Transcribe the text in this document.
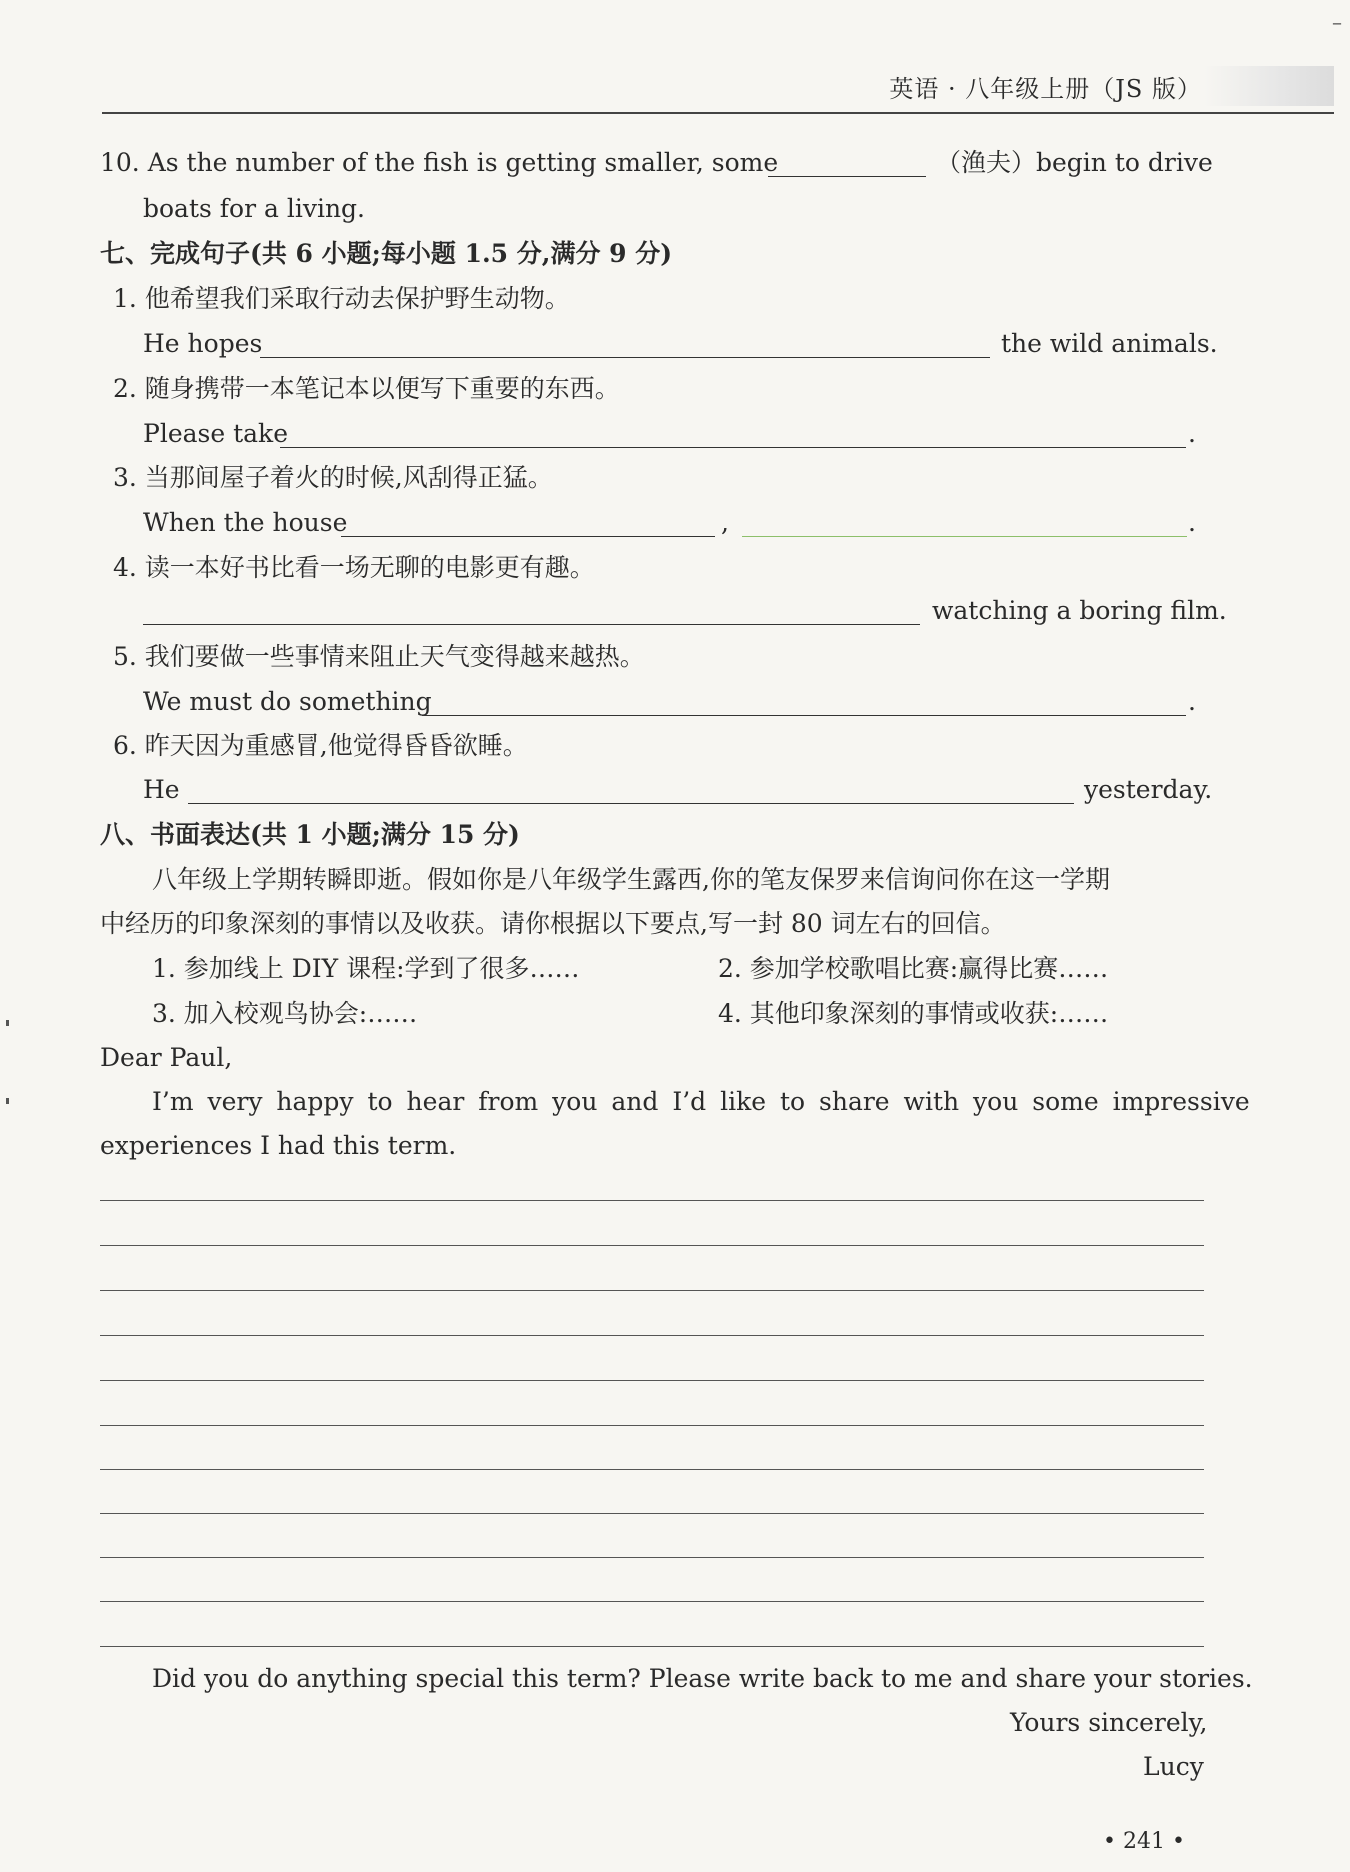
英语 · 八年级上册（JS 版）
–
10. As the number of the fish is getting smaller, some	（渔夫）begin to drive
boats for a living.
七、完成句子(共 6 小题;每小题 1.5 分,满分 9 分)
1. 他希望我们采取行动去保护野生动物。
He hopes	the wild animals.
2. 随身携带一本笔记本以便写下重要的东西。
Please take	.
3. 当那间屋子着火的时候,风刮得正猛。
When the house	,	.
4. 读一本好书比看一场无聊的电影更有趣。
watching a boring film.
5. 我们要做一些事情来阻止天气变得越来越热。
We must do something	.
6. 昨天因为重感冒,他觉得昏昏欲睡。
He	yesterday.
八、书面表达(共 1 小题;满分 15 分)
八年级上学期转瞬即逝。假如你是八年级学生露西,你的笔友保罗来信询问你在这一学期
中经历的印象深刻的事情以及收获。请你根据以下要点,写一封 80 词左右的回信。
1. 参加线上 DIY 课程:学到了很多……	2. 参加学校歌唱比赛:赢得比赛……
3. 加入校观鸟协会:……	4. 其他印象深刻的事情或收获:……
Dear Paul,
I’m very happy to hear from you and I’d like to share with you some impressive
experiences I had this term.
Did you do anything special this term? Please write back to me and share your stories.
Yours sincerely,
Lucy
• 241 •
